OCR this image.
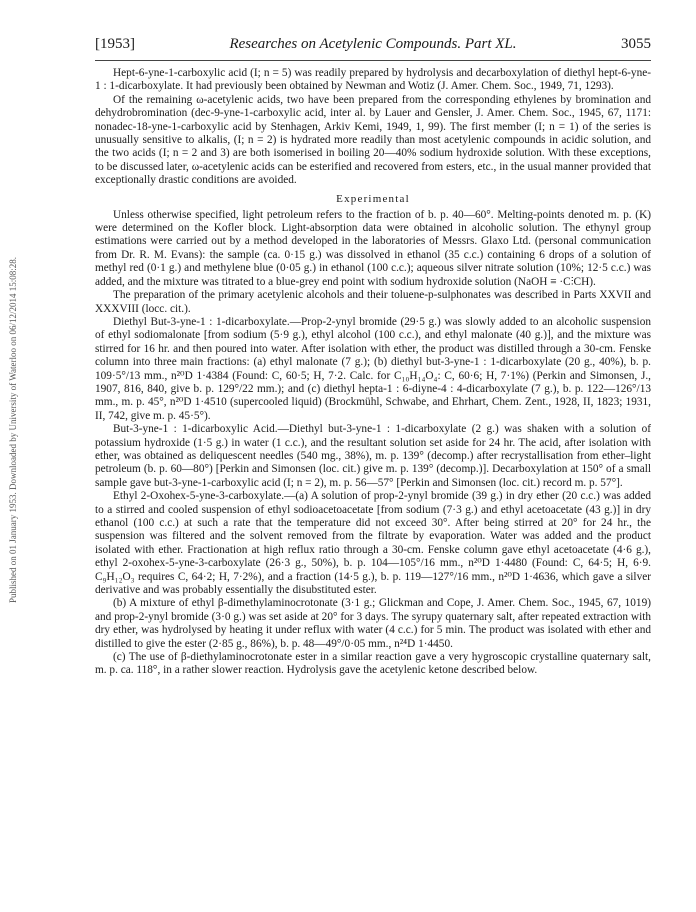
Published on 01 January 1953. Downloaded by University of Waterloo on 06/12/2014 15:08:28.
[1953]	Researches on Acetylenic Compounds. Part XL.	3055

Hept-6-yne-1-carboxylic acid (I; n = 5) was readily prepared by hydrolysis and decarboxylation of diethyl hept-6-yne-1 : 1-dicarboxylate. It had previously been obtained by Newman and Wotiz (J. Amer. Chem. Soc., 1949, 71, 1293).

Of the remaining ω-acetylenic acids, two have been prepared from the corresponding ethylenes by bromination and dehydrobromination (dec-9-yne-1-carboxylic acid, inter al. by Lauer and Gensler, J. Amer. Chem. Soc., 1945, 67, 1171: nonadec-18-yne-1-carboxylic acid by Stenhagen, Arkiv Kemi, 1949, 1, 99). The first member (I; n = 1) of the series is unusually sensitive to alkalis, (I; n = 2) is hydrated more readily than most acetylenic compounds in acidic solution, and the two acids (I; n = 2 and 3) are both isomerised in boiling 20—40% sodium hydroxide solution. With these exceptions, to be discussed later, ω-acetylenic acids can be esterified and recovered from esters, etc., in the usual manner provided that exceptionally drastic conditions are avoided.

Experimental

Unless otherwise specified, light petroleum refers to the fraction of b. p. 40—60°. Melting-points denoted m. p. (K) were determined on the Kofler block. Light-absorption data were obtained in alcoholic solution. The ethynyl group estimations were carried out by a method developed in the laboratories of Messrs. Glaxo Ltd. (personal communication from Dr. R. M. Evans): the sample (ca. 0·15 g.) was dissolved in ethanol (35 c.c.) containing 6 drops of a solution of methyl red (0·1 g.) and methylene blue (0·05 g.) in ethanol (100 c.c.); aqueous silver nitrate solution (10%; 12·5 c.c.) was added, and the mixture was titrated to a blue-grey end point with sodium hydroxide solution (NaOH ≡ ·C⫶CH).

The preparation of the primary acetylenic alcohols and their toluene-p-sulphonates was described in Parts XXVII and XXXVIII (locc. cit.).

Diethyl But-3-yne-1 : 1-dicarboxylate.—Prop-2-ynyl bromide (29·5 g.) was slowly added to an alcoholic suspension of ethyl sodiomalonate [from sodium (5·9 g.), ethyl alcohol (100 c.c.), and ethyl malonate (40 g.)], and the mixture was stirred for 16 hr. and then poured into water. After isolation with ether, the product was distilled through a 30-cm. Fenske column into three main fractions: (a) ethyl malonate (7 g.); (b) diethyl but-3-yne-1 : 1-dicarboxylate (20 g., 40%), b. p. 109·5°/13 mm., n²⁰D 1·4384 (Found: C, 60·5; H, 7·2. Calc. for C₁₀H₁₄O₄: C, 60·6; H, 7·1%) (Perkin and Simonsen, J., 1907, 816, 840, give b. p. 129°/22 mm.); and (c) diethyl hepta-1 : 6-diyne-4 : 4-dicarboxylate (7 g.), b. p. 122—126°/13 mm., m. p. 45°, n²⁰D 1·4510 (supercooled liquid) (Brockmühl, Schwabe, and Ehrhart, Chem. Zent., 1928, II, 1823; 1931, II, 742, give m. p. 45·5°).

But-3-yne-1 : 1-dicarboxylic Acid.—Diethyl but-3-yne-1 : 1-dicarboxylate (2 g.) was shaken with a solution of potassium hydroxide (1·5 g.) in water (1 c.c.), and the resultant solution set aside for 24 hr. The acid, after isolation with ether, was obtained as deliquescent needles (540 mg., 38%), m. p. 139° (decomp.) after recrystallisation from ether–light petroleum (b. p. 60—80°) [Perkin and Simonsen (loc. cit.) give m. p. 139° (decomp.)]. Decarboxylation at 150° of a small sample gave but-3-yne-1-carboxylic acid (I; n = 2), m. p. 56—57° [Perkin and Simonsen (loc. cit.) record m. p. 57°].

Ethyl 2-Oxohex-5-yne-3-carboxylate.—(a) A solution of prop-2-ynyl bromide (39 g.) in dry ether (20 c.c.) was added to a stirred and cooled suspension of ethyl sodioacetoacetate [from sodium (7·3 g.) and ethyl acetoacetate (43 g.)] in dry ethanol (100 c.c.) at such a rate that the temperature did not exceed 30°. After being stirred at 20° for 24 hr., the suspension was filtered and the solvent removed from the filtrate by evaporation. Water was added and the product isolated with ether. Fractionation at high reflux ratio through a 30-cm. Fenske column gave ethyl acetoacetate (4·6 g.), ethyl 2-oxohex-5-yne-3-carboxylate (26·3 g., 50%), b. p. 104—105°/16 mm., n²⁰D 1·4480 (Found: C, 64·5; H, 6·9. C₉H₁₂O₃ requires C, 64·2; H, 7·2%), and a fraction (14·5 g.), b. p. 119—127°/16 mm., n²⁰D 1·4636, which gave a silver derivative and was probably essentially the disubstituted ester.

(b) A mixture of ethyl β-dimethylaminocrotonate (3·1 g.; Glickman and Cope, J. Amer. Chem. Soc., 1945, 67, 1019) and prop-2-ynyl bromide (3·0 g.) was set aside at 20° for 3 days. The syrupy quaternary salt, after repeated extraction with dry ether, was hydrolysed by heating it under reflux with water (4 c.c.) for 5 min. The product was isolated with ether and distilled to give the ester (2·85 g., 86%), b. p. 48—49°/0·05 mm., n²⁴D 1·4450.

(c) The use of β-diethylaminocrotonate ester in a similar reaction gave a very hygroscopic crystalline quaternary salt, m. p. ca. 118°, in a rather slower reaction. Hydrolysis gave the acetylenic ketone described below.
